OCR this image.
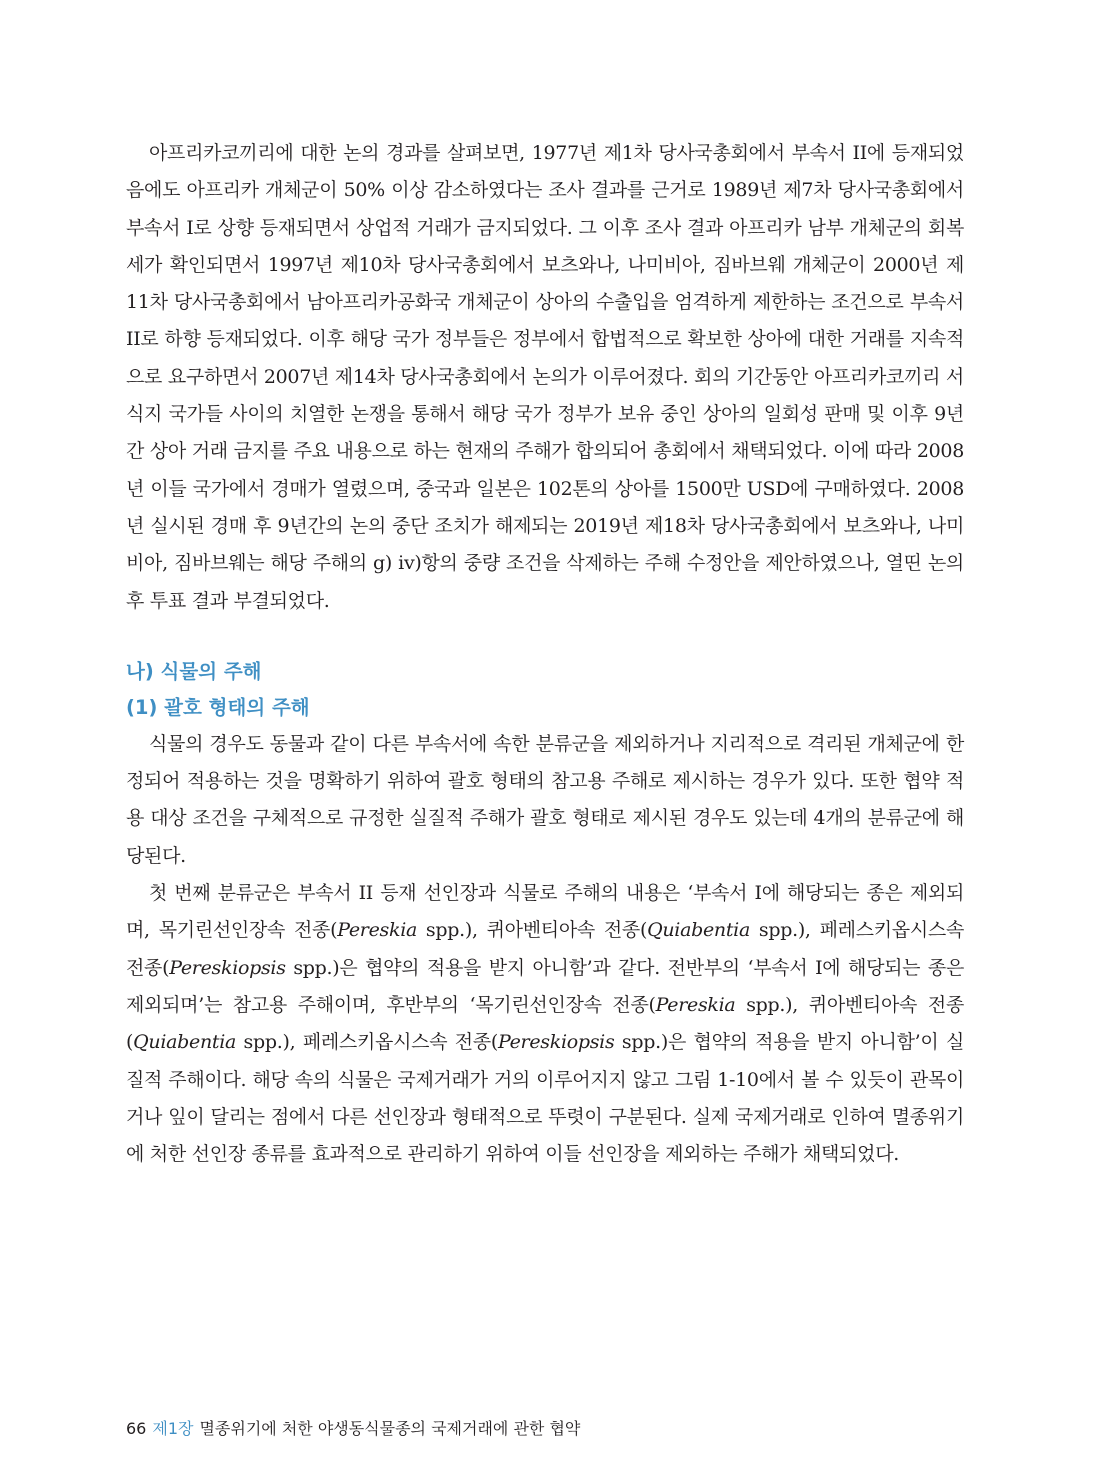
아프리카코끼리에 대한 논의 경과를 살펴보면, 1977년 제1차 당사국총회에서 부속서 II에 등재되었음에도 아프리카 개체군이 50% 이상 감소하였다는 조사 결과를 근거로 1989년 제7차 당사국총회에서 부속서 I로 상향 등재되면서 상업적 거래가 금지되었다. 그 이후 조사 결과 아프리카 남부 개체군의 회복세가 확인되면서 1997년 제10차 당사국총회에서 보츠와나, 나미비아, 짐바브웨 개체군이 2000년 제11차 당사국총회에서 남아프리카공화국 개체군이 상아의 수출입을 엄격하게 제한하는 조건으로 부속서 II로 하향 등재되었다. 이후 해당 국가 정부들은 정부에서 합법적으로 확보한 상아에 대한 거래를 지속적으로 요구하면서 2007년 제14차 당사국총회에서 논의가 이루어졌다. 회의 기간동안 아프리카코끼리 서식지 국가들 사이의 치열한 논쟁을 통해서 해당 국가 정부가 보유 중인 상아의 일회성 판매 및 이후 9년간 상아 거래 금지를 주요 내용으로 하는 현재의 주해가 합의되어 총회에서 채택되었다. 이에 따라 2008년 이들 국가에서 경매가 열렸으며, 중국과 일본은 102톤의 상아를 1500만 USD에 구매하였다. 2008년 실시된 경매 후 9년간의 논의 중단 조치가 해제되는 2019년 제18차 당사국총회에서 보츠와나, 나미비아, 짐바브웨는 해당 주해의 g) iv)항의 중량 조건을 삭제하는 주해 수정안을 제안하였으나, 열띤 논의 후 투표 결과 부결되었다.

나) 식물의 주해
(1) 괄호 형태의 주해

식물의 경우도 동물과 같이 다른 부속서에 속한 분류군을 제외하거나 지리적으로 격리된 개체군에 한정되어 적용하는 것을 명확하기 위하여 괄호 형태의 참고용 주해로 제시하는 경우가 있다. 또한 협약 적용 대상 조건을 구체적으로 규정한 실질적 주해가 괄호 형태로 제시된 경우도 있는데 4개의 분류군에 해당된다.

첫 번째 분류군은 부속서 II 등재 선인장과 식물로 주해의 내용은 ‘부속서 I에 해당되는 종은 제외되며, 목기린선인장속 전종(Pereskia spp.), 퀴아벤티아속 전종(Quiabentia spp.), 페레스키옵시스속 전종(Pereskiopsis spp.)은 협약의 적용을 받지 아니함’과 같다. 전반부의 ‘부속서 I에 해당되는 종은 제외되며’는 참고용 주해이며, 후반부의 ‘목기린선인장속 전종(Pereskia spp.), 퀴아벤티아속 전종(Quiabentia spp.), 페레스키옵시스속 전종(Pereskiopsis spp.)은 협약의 적용을 받지 아니함’이 실질적 주해이다. 해당 속의 식물은 국제거래가 거의 이루어지지 않고 그림 1-10에서 볼 수 있듯이 관목이거나 잎이 달리는 점에서 다른 선인장과 형태적으로 뚜렷이 구분된다. 실제 국제거래로 인하여 멸종위기에 처한 선인장 종류를 효과적으로 관리하기 위하여 이들 선인장을 제외하는 주해가 채택되었다.

66 제1장 멸종위기에 처한 야생동식물종의 국제거래에 관한 협약
